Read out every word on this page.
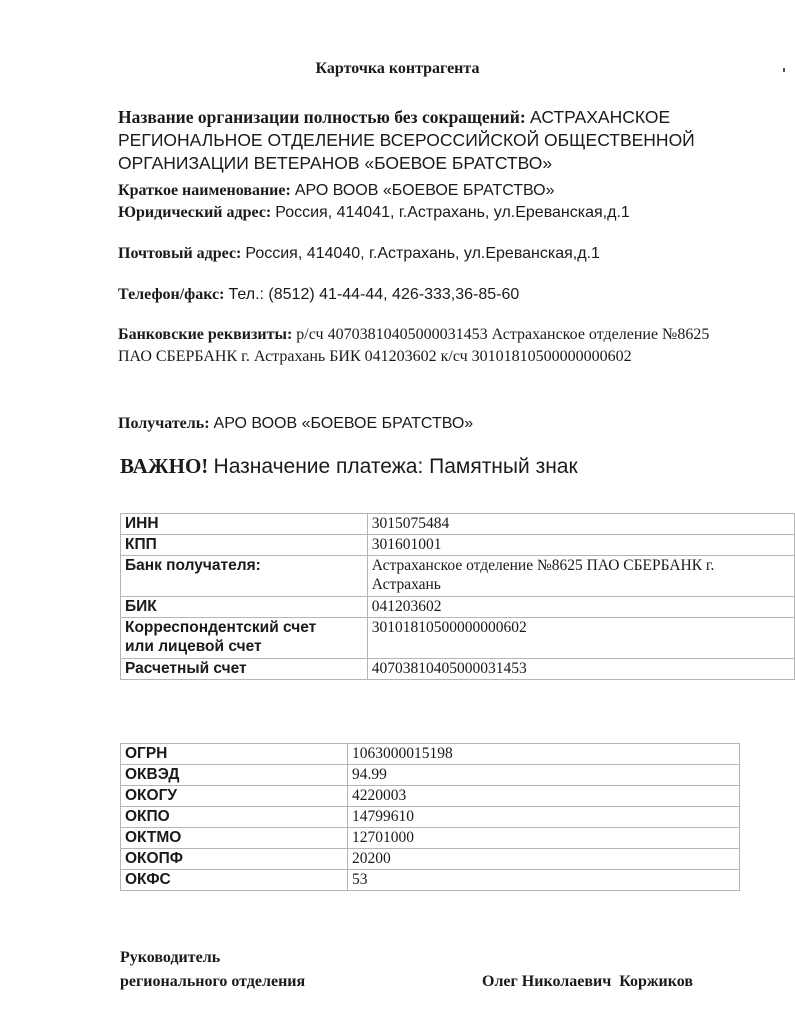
Карточка контрагента
Название организации полностью без сокращений: АСТРАХАНСКОЕ РЕГИОНАЛЬНОЕ ОТДЕЛЕНИЕ ВСЕРОССИЙСКОЙ ОБЩЕСТВЕННОЙ ОРГАНИЗАЦИИ ВЕТЕРАНОВ «БОЕВОЕ БРАТСТВО»
Краткое наименование: АРО ВООВ «БОЕВОЕ БРАТСТВО»
Юридический адрес: Россия, 414041, г.Астрахань, ул.Ереванская,д.1
Почтовый адрес: Россия, 414040, г.Астрахань, ул.Ереванская,д.1
Телефон/факс: Тел.: (8512) 41-44-44, 426-333,36-85-60
Банковские реквизиты: р/сч 40703810405000031453 Астраханское отделение №8625 ПАО СБЕРБАНК г. Астрахань БИК 041203602 к/сч 30101810500000000602
Получатель: АРО ВООВ «БОЕВОЕ БРАТСТВО»
ВАЖНО! Назначение платежа: Памятный знак
ИНН	3015075484
КПП	301601001
Банк получателя:	Астраханское отделение №8625 ПАО СБЕРБАНК г. Астрахань
БИК	041203602
Корреспондентский счет или лицевой счет	30101810500000000602
Расчетный счет	40703810405000031453
ОГРН	1063000015198
ОКВЭД	94.99
ОКОГУ	4220003
ОКПО	14799610
ОКТМО	12701000
ОКОПФ	20200
ОКФС	53
Руководитель
регионального отделения	Олег Николаевич  Коржиков
